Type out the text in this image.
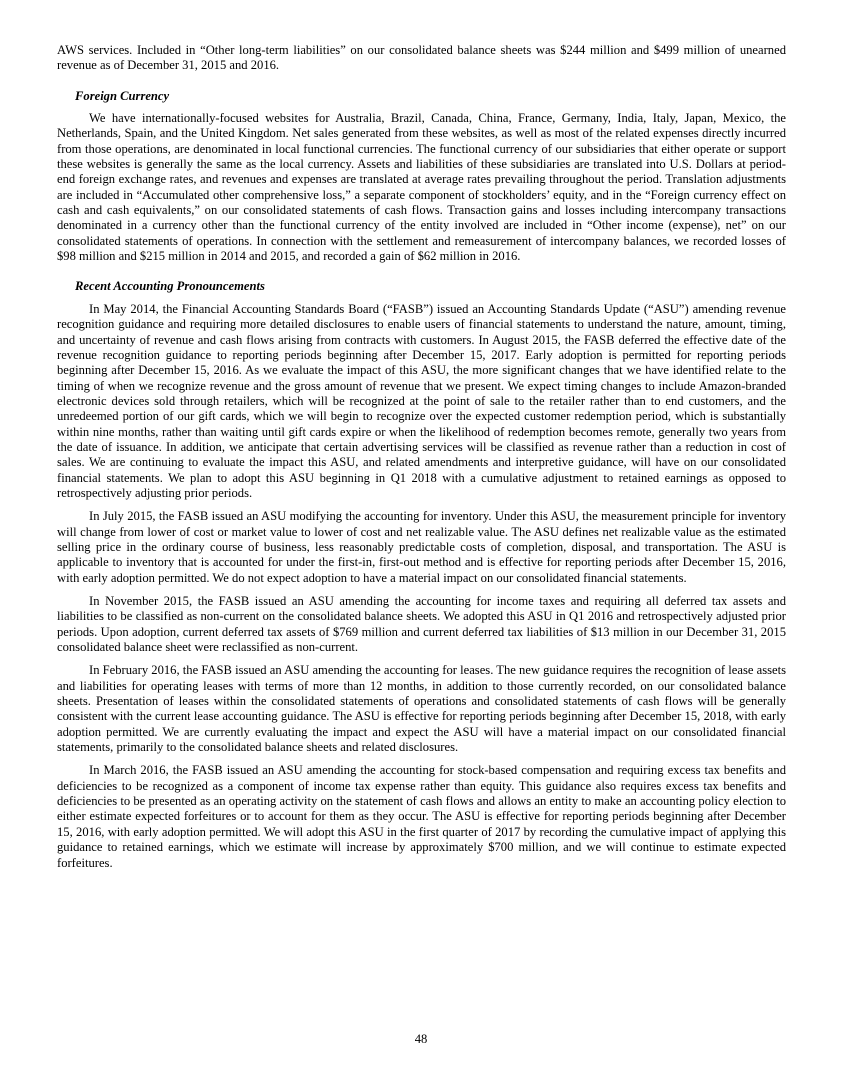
AWS services. Included in “Other long-term liabilities” on our consolidated balance sheets was $244 million and $499 million of unearned revenue as of December 31, 2015 and 2016.

Foreign Currency

We have internationally-focused websites for Australia, Brazil, Canada, China, France, Germany, India, Italy, Japan, Mexico, the Netherlands, Spain, and the United Kingdom. Net sales generated from these websites, as well as most of the related expenses directly incurred from those operations, are denominated in local functional currencies. The functional currency of our subsidiaries that either operate or support these websites is generally the same as the local currency. Assets and liabilities of these subsidiaries are translated into U.S. Dollars at period-end foreign exchange rates, and revenues and expenses are translated at average rates prevailing throughout the period. Translation adjustments are included in “Accumulated other comprehensive loss,” a separate component of stockholders’ equity, and in the “Foreign currency effect on cash and cash equivalents,” on our consolidated statements of cash flows. Transaction gains and losses including intercompany transactions denominated in a currency other than the functional currency of the entity involved are included in “Other income (expense), net” on our consolidated statements of operations. In connection with the settlement and remeasurement of intercompany balances, we recorded losses of $98 million and $215 million in 2014 and 2015, and recorded a gain of $62 million in 2016.

Recent Accounting Pronouncements

In May 2014, the Financial Accounting Standards Board (“FASB”) issued an Accounting Standards Update (“ASU”) amending revenue recognition guidance and requiring more detailed disclosures to enable users of financial statements to understand the nature, amount, timing, and uncertainty of revenue and cash flows arising from contracts with customers. In August 2015, the FASB deferred the effective date of the revenue recognition guidance to reporting periods beginning after December 15, 2017. Early adoption is permitted for reporting periods beginning after December 15, 2016. As we evaluate the impact of this ASU, the more significant changes that we have identified relate to the timing of when we recognize revenue and the gross amount of revenue that we present. We expect timing changes to include Amazon-branded electronic devices sold through retailers, which will be recognized at the point of sale to the retailer rather than to end customers, and the unredeemed portion of our gift cards, which we will begin to recognize over the expected customer redemption period, which is substantially within nine months, rather than waiting until gift cards expire or when the likelihood of redemption becomes remote, generally two years from the date of issuance. In addition, we anticipate that certain advertising services will be classified as revenue rather than a reduction in cost of sales. We are continuing to evaluate the impact this ASU, and related amendments and interpretive guidance, will have on our consolidated financial statements. We plan to adopt this ASU beginning in Q1 2018 with a cumulative adjustment to retained earnings as opposed to retrospectively adjusting prior periods.

In July 2015, the FASB issued an ASU modifying the accounting for inventory. Under this ASU, the measurement principle for inventory will change from lower of cost or market value to lower of cost and net realizable value. The ASU defines net realizable value as the estimated selling price in the ordinary course of business, less reasonably predictable costs of completion, disposal, and transportation. The ASU is applicable to inventory that is accounted for under the first-in, first-out method and is effective for reporting periods after December 15, 2016, with early adoption permitted. We do not expect adoption to have a material impact on our consolidated financial statements.

In November 2015, the FASB issued an ASU amending the accounting for income taxes and requiring all deferred tax assets and liabilities to be classified as non-current on the consolidated balance sheets. We adopted this ASU in Q1 2016 and retrospectively adjusted prior periods. Upon adoption, current deferred tax assets of $769 million and current deferred tax liabilities of $13 million in our December 31, 2015 consolidated balance sheet were reclassified as non-current.

In February 2016, the FASB issued an ASU amending the accounting for leases. The new guidance requires the recognition of lease assets and liabilities for operating leases with terms of more than 12 months, in addition to those currently recorded, on our consolidated balance sheets. Presentation of leases within the consolidated statements of operations and consolidated statements of cash flows will be generally consistent with the current lease accounting guidance. The ASU is effective for reporting periods beginning after December 15, 2018, with early adoption permitted. We are currently evaluating the impact and expect the ASU will have a material impact on our consolidated financial statements, primarily to the consolidated balance sheets and related disclosures.

In March 2016, the FASB issued an ASU amending the accounting for stock-based compensation and requiring excess tax benefits and deficiencies to be recognized as a component of income tax expense rather than equity. This guidance also requires excess tax benefits and deficiencies to be presented as an operating activity on the statement of cash flows and allows an entity to make an accounting policy election to either estimate expected forfeitures or to account for them as they occur. The ASU is effective for reporting periods beginning after December 15, 2016, with early adoption permitted. We will adopt this ASU in the first quarter of 2017 by recording the cumulative impact of applying this guidance to retained earnings, which we estimate will increase by approximately $700 million, and we will continue to estimate expected forfeitures.

48
